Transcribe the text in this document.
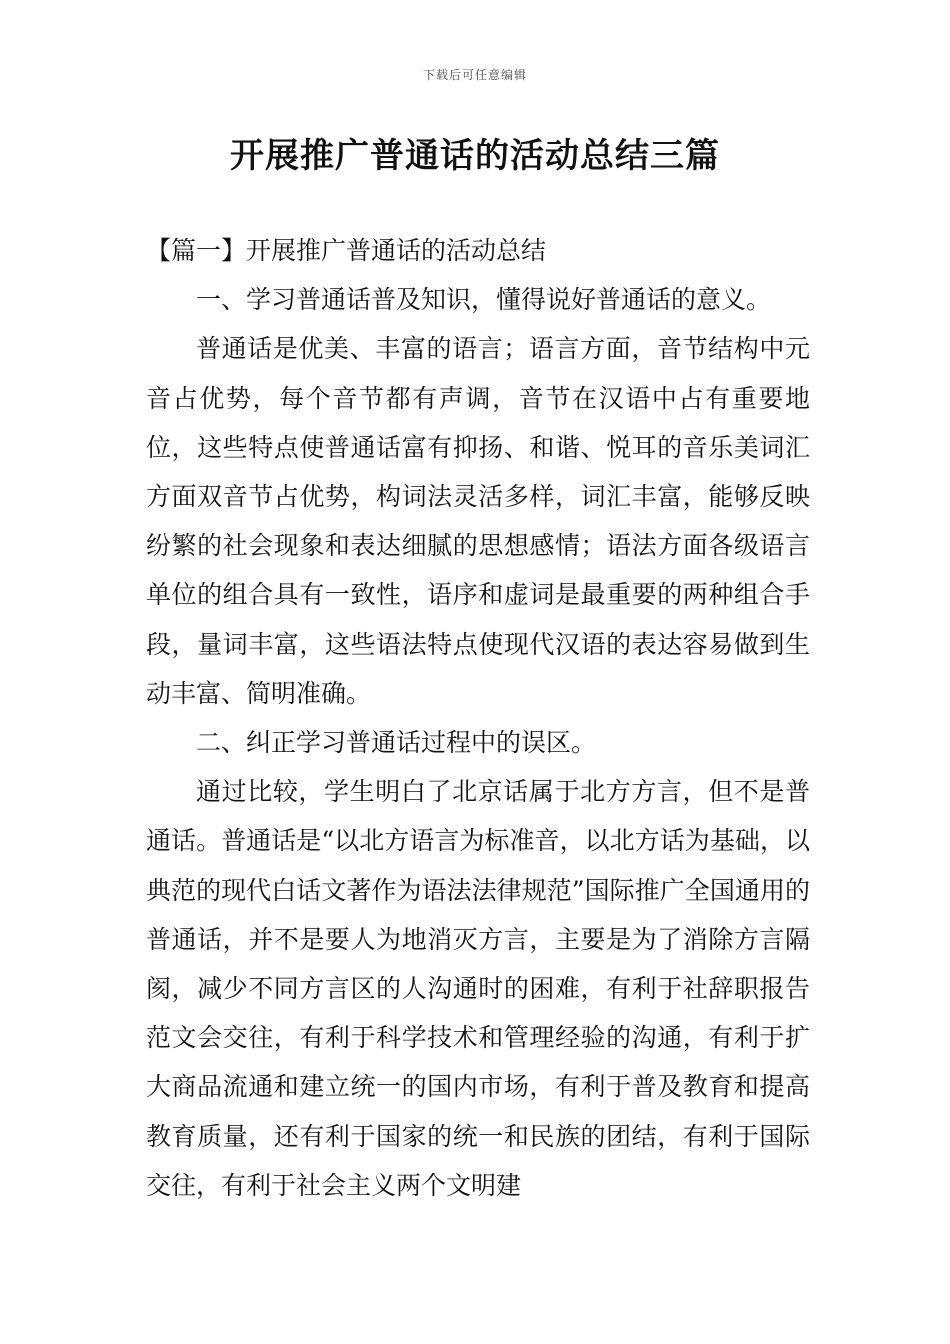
下载后可任意编辑
开展推广普通话的活动总结三篇

【篇一】开展推广普通话的活动总结

一、学习普通话普及知识，懂得说好普通话的意义。

普通话是优美、丰富的语言；语言方面，音节结构中元音占优势，每个音节都有声调，音节在汉语中占有重要地位，这些特点使普通话富有抑扬、和谐、悦耳的音乐美词汇方面双音节占优势，构词法灵活多样，词汇丰富，能够反映纷繁的社会现象和表达细腻的思想感情；语法方面各级语言单位的组合具有一致性，语序和虚词是最重要的两种组合手段，量词丰富，这些语法特点使现代汉语的表达容易做到生动丰富、简明准确。

二、纠正学习普通话过程中的误区。

通过比较，学生明白了北京话属于北方方言，但不是普通话。普通话是“以北方语言为标准音，以北方话为基础，以典范的现代白话文著作为语法法律规范”国际推广全国通用的普通话，并不是要人为地消灭方言，主要是为了消除方言隔阂，减少不同方言区的人沟通时的困难，有利于社辞职报告范文会交往，有利于科学技术和管理经验的沟通，有利于扩大商品流通和建立统一的国内市场，有利于普及教育和提高教育质量，还有利于国家的统一和民族的团结，有利于国际交往，有利于社会主义两个文明建
